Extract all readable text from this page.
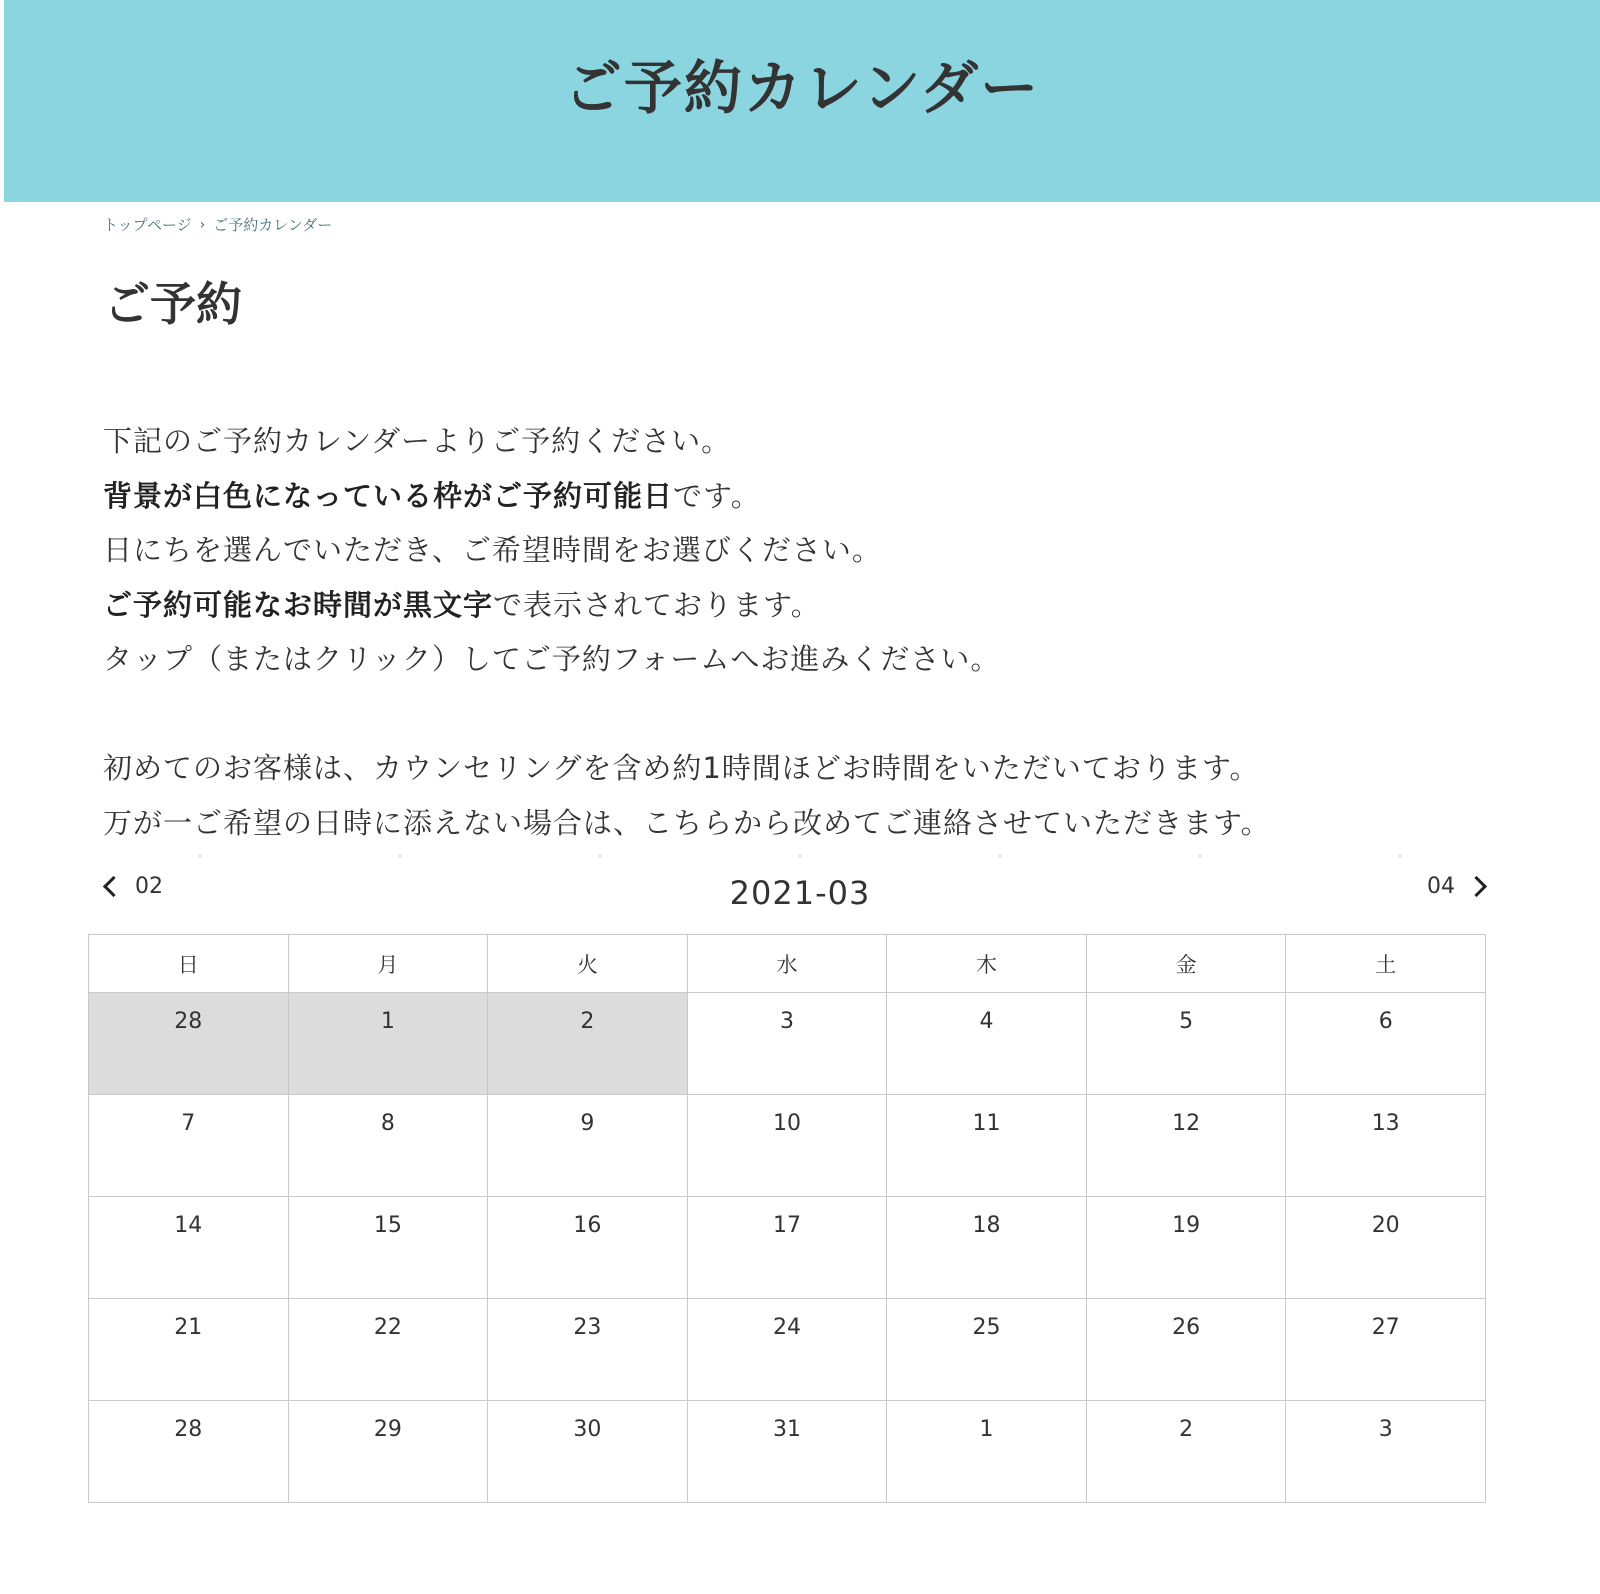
ご予約カレンダー
トップページ › ご予約カレンダー
ご予約
下記のご予約カレンダーよりご予約ください。
背景が白色になっている枠がご予約可能日です。
日にちを選んでいただき、ご希望時間をお選びください。
ご予約可能なお時間が黒文字で表示されております。
タップ（またはクリック）してご予約フォームへお進みください。
初めてのお客様は、カウンセリングを含め約1時間ほどお時間をいただいております。
万が一ご希望の日時に添えない場合は、こちらから改めてご連絡させていただきます。
02	2021-03	04
日	月	火	水	木	金	土
28	1	2	3	4	5	6
7	8	9	10	11	12	13
14	15	16	17	18	19	20
21	22	23	24	25	26	27
28	29	30	31	1	2	3
